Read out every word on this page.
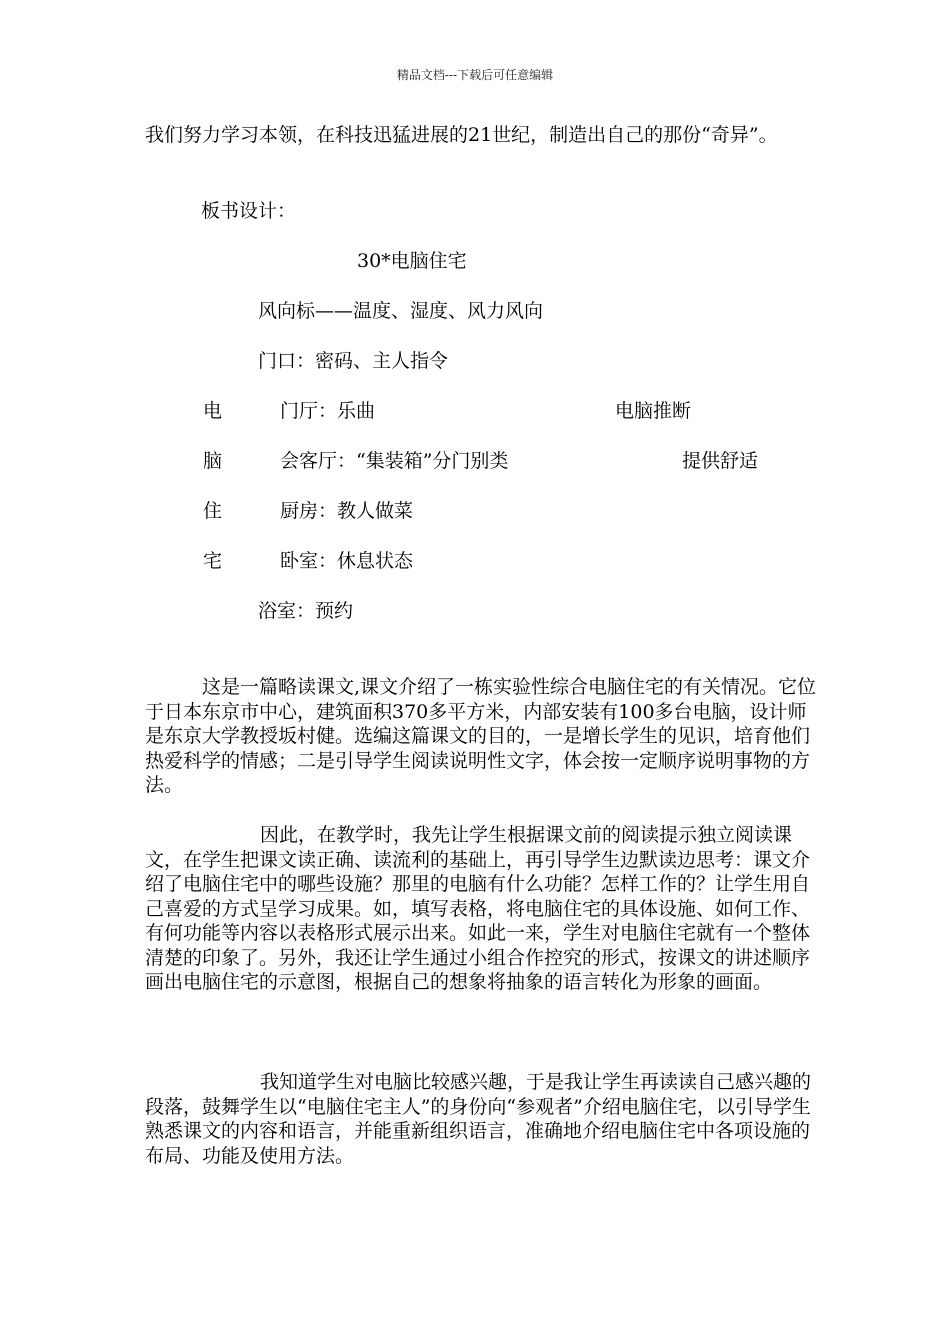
精品文档---下载后可任意编辑
我们努力学习本领，在科技迅猛进展的21世纪，制造出自己的那份“奇异”。
板书设计：
30*电脑住宅
风向标——温度、湿度、风力风向
门口：密码、主人指令
电	门厅：乐曲	电脑推断
脑	会客厅：“集装箱”分门别类	提供舒适
住	厨房：教人做菜
宅	卧室：休息状态
浴室：预约
这是一篇略读课文,课文介绍了一栋实验性综合电脑住宅的有关情况。它位于日本东京市中心，建筑面积370多平方米，内部安装有100多台电脑，设计师是东京大学教授坂村健。选编这篇课文的目的，一是增长学生的见识，培育他们热爱科学的情感；二是引导学生阅读说明性文字，体会按一定顺序说明事物的方法。
因此，在教学时，我先让学生根据课文前的阅读提示独立阅读课文，在学生把课文读正确、读流利的基础上，再引导学生边默读边思考：课文介绍了电脑住宅中的哪些设施？那里的电脑有什么功能？怎样工作的？让学生用自己喜爱的方式呈学习成果。如，填写表格，将电脑住宅的具体设施、如何工作、有何功能等内容以表格形式展示出来。如此一来，学生对电脑住宅就有一个整体清楚的印象了。另外，我还让学生通过小组合作控究的形式，按课文的讲述顺序画出电脑住宅的示意图，根据自己的想象将抽象的语言转化为形象的画面。
我知道学生对电脑比较感兴趣，于是我让学生再读读自己感兴趣的段落，鼓舞学生以“电脑住宅主人”的身份向“参观者”介绍电脑住宅，以引导学生熟悉课文的内容和语言，并能重新组织语言，准确地介绍电脑住宅中各项设施的布局、功能及使用方法。
